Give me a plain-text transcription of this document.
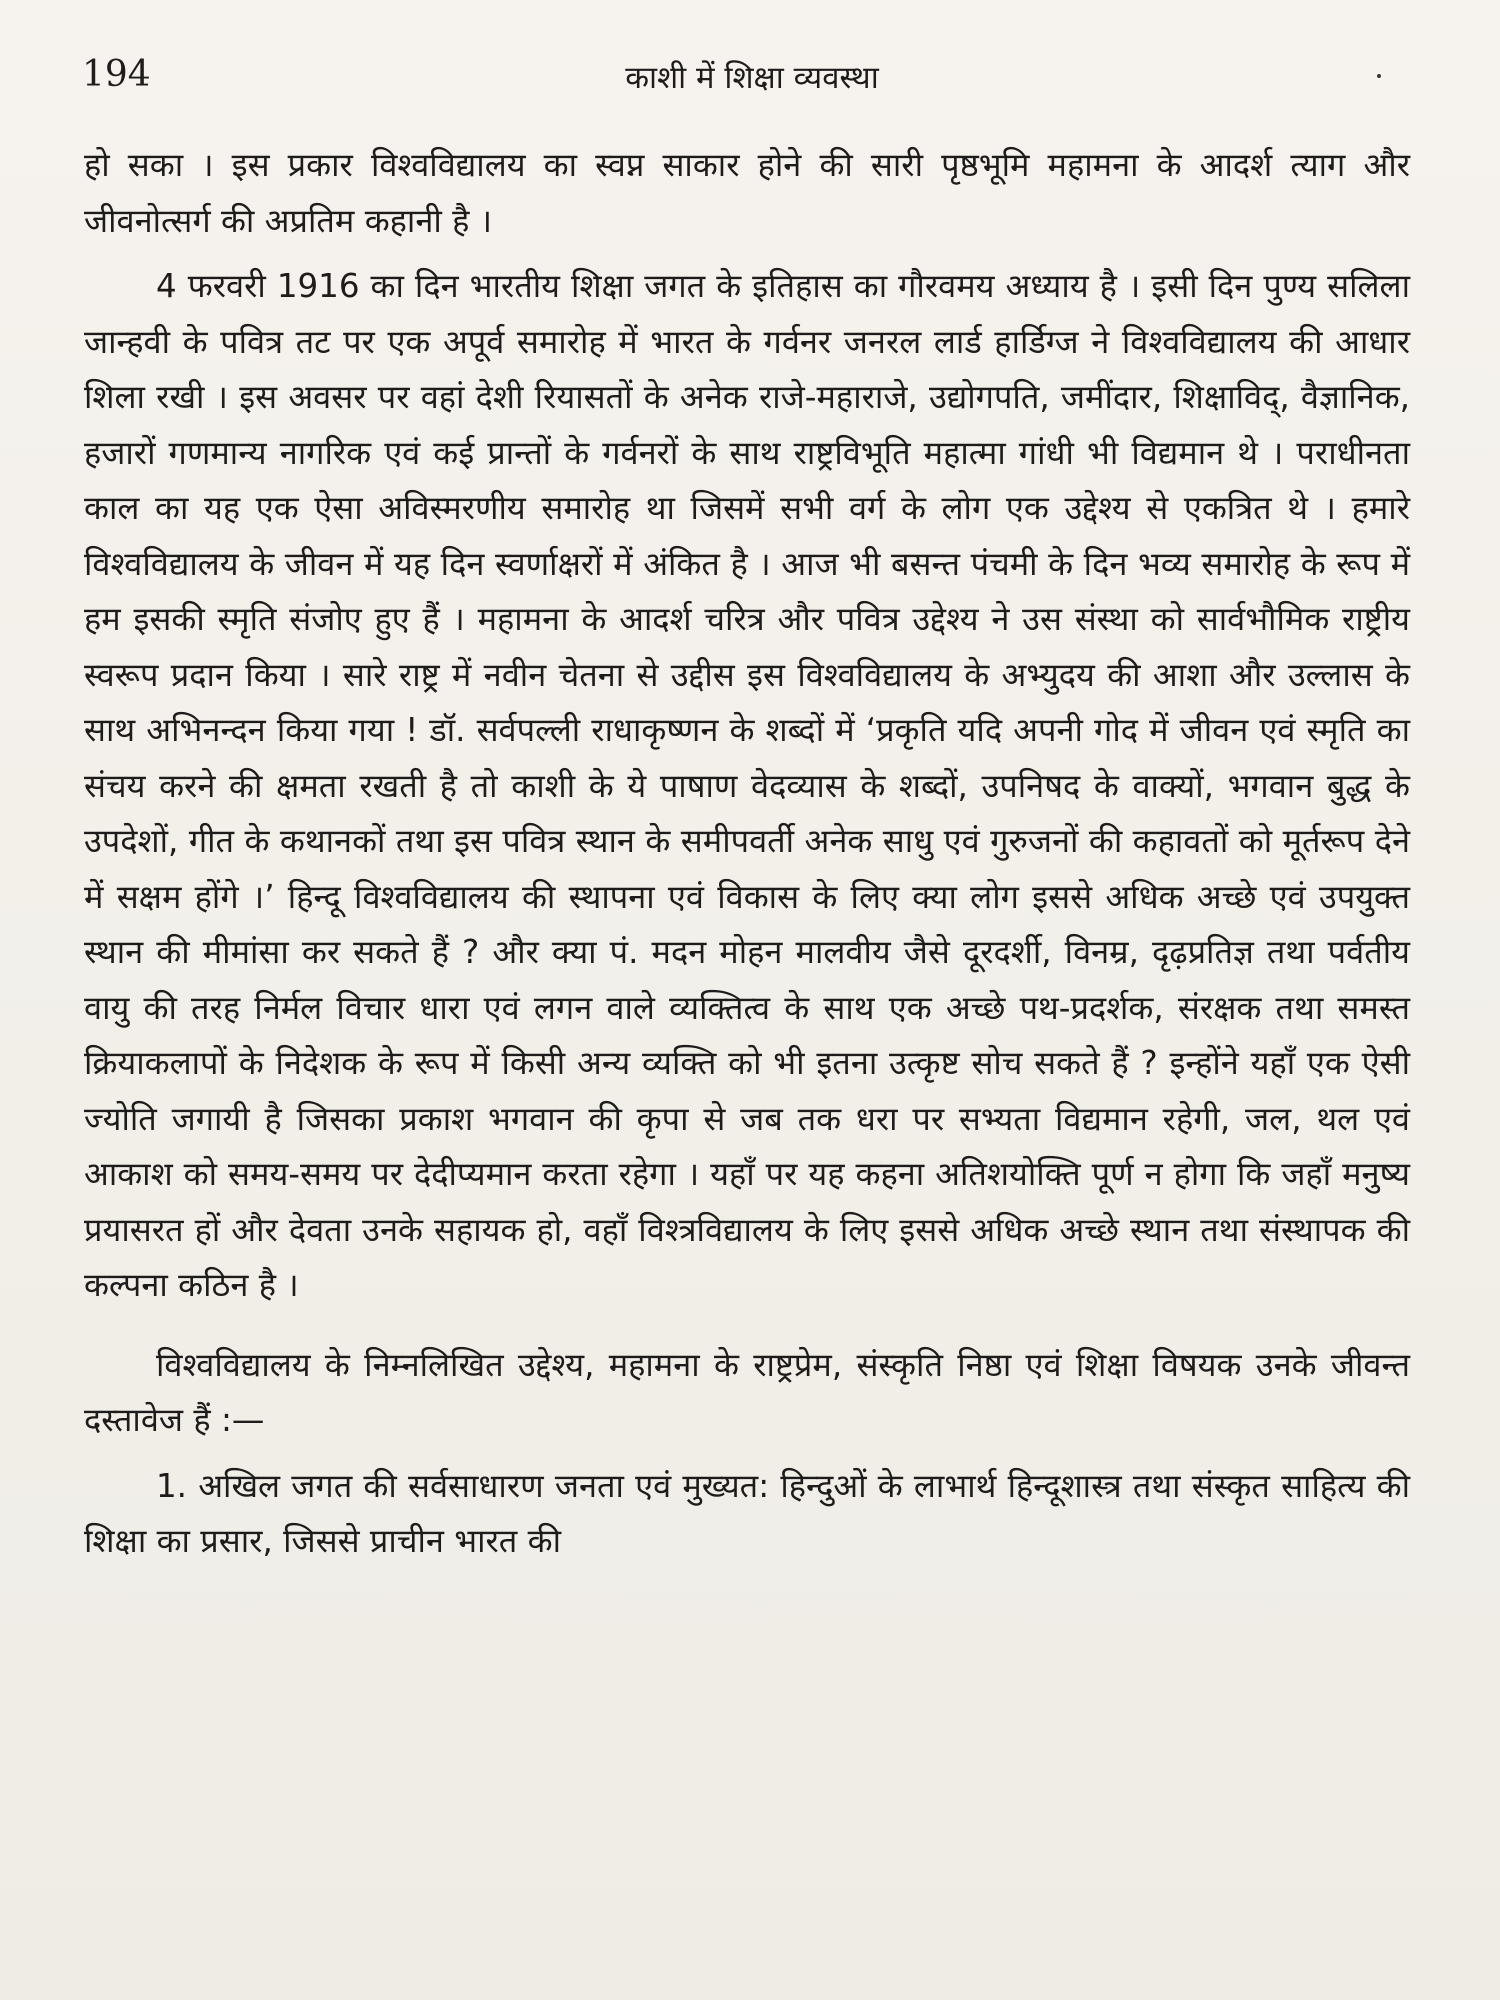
194	काशी में शिक्षा व्यवस्था

हो सका । इस प्रकार विश्वविद्यालय का स्वप्न साकार होने की सारी पृष्ठभूमि महामना के आदर्श त्याग और जीवनोत्सर्ग की अप्रतिम कहानी है ।

4 फरवरी 1916 का दिन भारतीय शिक्षा जगत के इतिहास का गौरवमय अध्याय है । इसी दिन पुण्य सलिला जान्हवी के पवित्र तट पर एक अपूर्व समारोह में भारत के गर्वनर जनरल लार्ड हार्डिग्ज ने विश्वविद्यालय की आधार शिला रखी । इस अवसर पर वहां देशी रियासतों के अनेक राजे-महाराजे, उद्योगपति, जमींदार, शिक्षाविद्, वैज्ञानिक, हजारों गणमान्य नागरिक एवं कई प्रान्तों के गर्वनरों के साथ राष्ट्रविभूति महात्मा गांधी भी विद्यमान थे । पराधीनता काल का यह एक ऐसा अविस्मरणीय समारोह था जिसमें सभी वर्ग के लोग एक उद्देश्य से एकत्रित थे । हमारे विश्वविद्यालय के जीवन में यह दिन स्वर्णाक्षरों में अंकित है । आज भी बसन्त पंचमी के दिन भव्य समारोह के रूप में हम इसकी स्मृति संजोए हुए हैं । महामना के आदर्श चरित्र और पवित्र उद्देश्य ने उस संस्था को सार्वभौमिक राष्ट्रीय स्वरूप प्रदान किया । सारे राष्ट्र में नवीन चेतना से उद्दीस इस विश्वविद्यालय के अभ्युदय की आशा और उल्लास के साथ अभिनन्दन किया गया ! डॉ. सर्वपल्ली राधाकृष्णन के शब्दों में ‘प्रकृति यदि अपनी गोद में जीवन एवं स्मृति का संचय करने की क्षमता रखती है तो काशी के ये पाषाण वेदव्यास के शब्दों, उपनिषद के वाक्यों, भगवान बुद्ध के उपदेशों, गीत के कथानकों तथा इस पवित्र स्थान के समीपवर्ती अनेक साधु एवं गुरुजनों की कहावतों को मूर्तरूप देने में सक्षम होंगे ।’ हिन्दू विश्वविद्यालय की स्थापना एवं विकास के लिए क्या लोग इससे अधिक अच्छे एवं उपयुक्त स्थान की मीमांसा कर सकते हैं ? और क्या पं. मदन मोहन मालवीय जैसे दूरदर्शी, विनम्र, दृढ़प्रतिज्ञ तथा पर्वतीय वायु की तरह निर्मल विचार धारा एवं लगन वाले व्यक्तित्व के साथ एक अच्छे पथ-प्रदर्शक, संरक्षक तथा समस्त क्रियाकलापों के निदेशक के रूप में किसी अन्य व्यक्ति को भी इतना उत्कृष्ट सोच सकते हैं ? इन्होंने यहाँ एक ऐसी ज्योति जगायी है जिसका प्रकाश भगवान की कृपा से जब तक धरा पर सभ्यता विद्यमान रहेगी, जल, थल एवं आकाश को समय-समय पर देदीप्यमान करता रहेगा । यहाँ पर यह कहना अतिशयोक्ति पूर्ण न होगा कि जहाँ मनुष्य प्रयासरत हों और देवता उनके सहायक हो, वहाँ विश्त्रविद्यालय के लिए इससे अधिक अच्छे स्थान तथा संस्थापक की कल्पना कठिन है ।

विश्वविद्यालय के निम्नलिखित उद्देश्य, महामना के राष्ट्रप्रेम, संस्कृति निष्ठा एवं शिक्षा विषयक उनके जीवन्त दस्तावेज हैं :—

1. अखिल जगत की सर्वसाधारण जनता एवं मुख्यत: हिन्दुओं के लाभार्थ हिन्दूशास्त्र तथा संस्कृत साहित्य की शिक्षा का प्रसार, जिससे प्राचीन भारत की
